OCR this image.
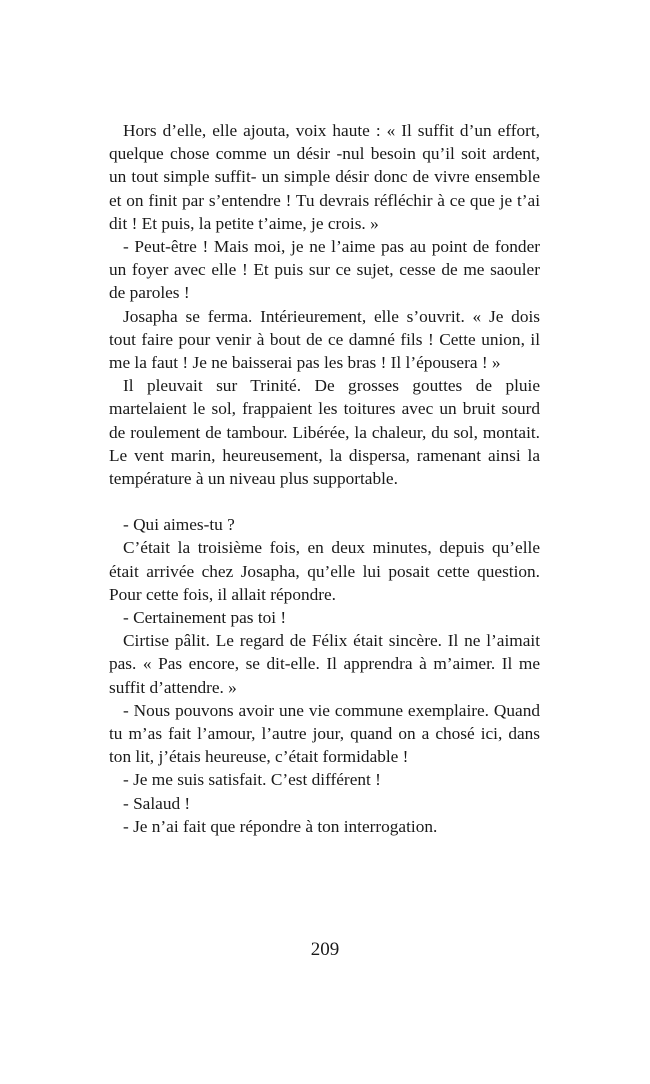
Hors d’elle, elle ajouta, voix haute : « Il suffit d’un effort, quelque chose comme un désir -nul besoin qu’il soit ardent, un tout simple suffit- un simple désir donc de vivre ensemble et on finit par s’entendre ! Tu devrais réfléchir à ce que je t’ai dit ! Et puis, la petite t’aime, je crois. »

- Peut-être ! Mais moi, je ne l’aime pas au point de fonder un foyer avec elle ! Et puis sur ce sujet, cesse de me saouler de paroles !

Josapha se ferma. Intérieurement, elle s’ouvrit. « Je dois tout faire pour venir à bout de ce damné fils ! Cette union, il me la faut ! Je ne baisserai pas les bras ! Il l’épousera ! »

Il pleuvait sur Trinité. De grosses gouttes de pluie martelaient le sol, frappaient les toitures avec un bruit sourd de roulement de tambour. Libérée, la chaleur, du sol, montait. Le vent marin, heureusement, la dispersa, ramenant ainsi la température à un niveau plus supportable.

- Qui aimes-tu ?

C’était la troisième fois, en deux minutes, depuis qu’elle était arrivée chez Josapha, qu’elle lui posait cette question. Pour cette fois, il allait répondre.

- Certainement pas toi !

Cirtise pâlit. Le regard de Félix était sincère. Il ne l’aimait pas. « Pas encore, se dit-elle. Il apprendra à m’aimer. Il me suffit d’attendre. »

- Nous pouvons avoir une vie commune exemplaire. Quand tu m’as fait l’amour, l’autre jour, quand on a chosé ici, dans ton lit, j’étais heureuse, c’était formidable !

- Je me suis satisfait. C’est différent !

- Salaud !

- Je n’ai fait que répondre à ton interrogation.

209
